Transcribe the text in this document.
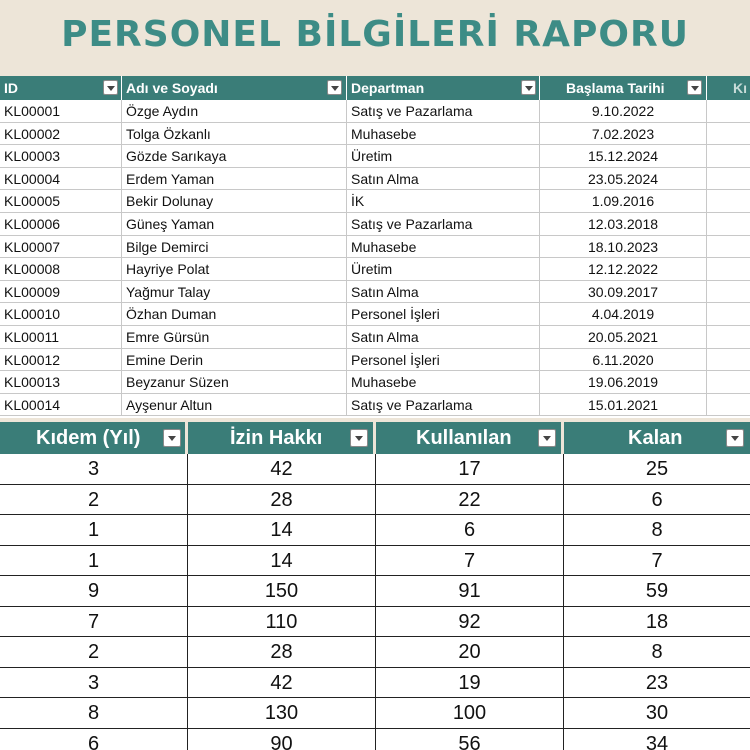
PERSONEL BİLGİLERİ RAPORU
ID	Adı ve Soyadı	Departman	Başlama Tarihi	Kı
KL00001	Özge Aydın	Satış ve Pazarlama	9.10.2022
KL00002	Tolga Özkanlı	Muhasebe	7.02.2023
KL00003	Gözde Sarıkaya	Üretim	15.12.2024
KL00004	Erdem Yaman	Satın Alma	23.05.2024
KL00005	Bekir Dolunay	İK	1.09.2016
KL00006	Güneş Yaman	Satış ve Pazarlama	12.03.2018
KL00007	Bilge Demirci	Muhasebe	18.10.2023
KL00008	Hayriye Polat	Üretim	12.12.2022
KL00009	Yağmur Talay	Satın Alma	30.09.2017
KL00010	Özhan Duman	Personel İşleri	4.04.2019
KL00011	Emre Gürsün	Satın Alma	20.05.2021
KL00012	Emine Derin	Personel İşleri	6.11.2020
KL00013	Beyzanur Süzen	Muhasebe	19.06.2019
KL00014	Ayşenur Altun	Satış ve Pazarlama	15.01.2021
Kıdem (Yıl)	İzin Hakkı	Kullanılan	Kalan
3	42	17	25
2	28	22	6
1	14	6	8
1	14	7	7
9	150	91	59
7	110	92	18
2	28	20	8
3	42	19	23
8	130	100	30
6	90	56	34
